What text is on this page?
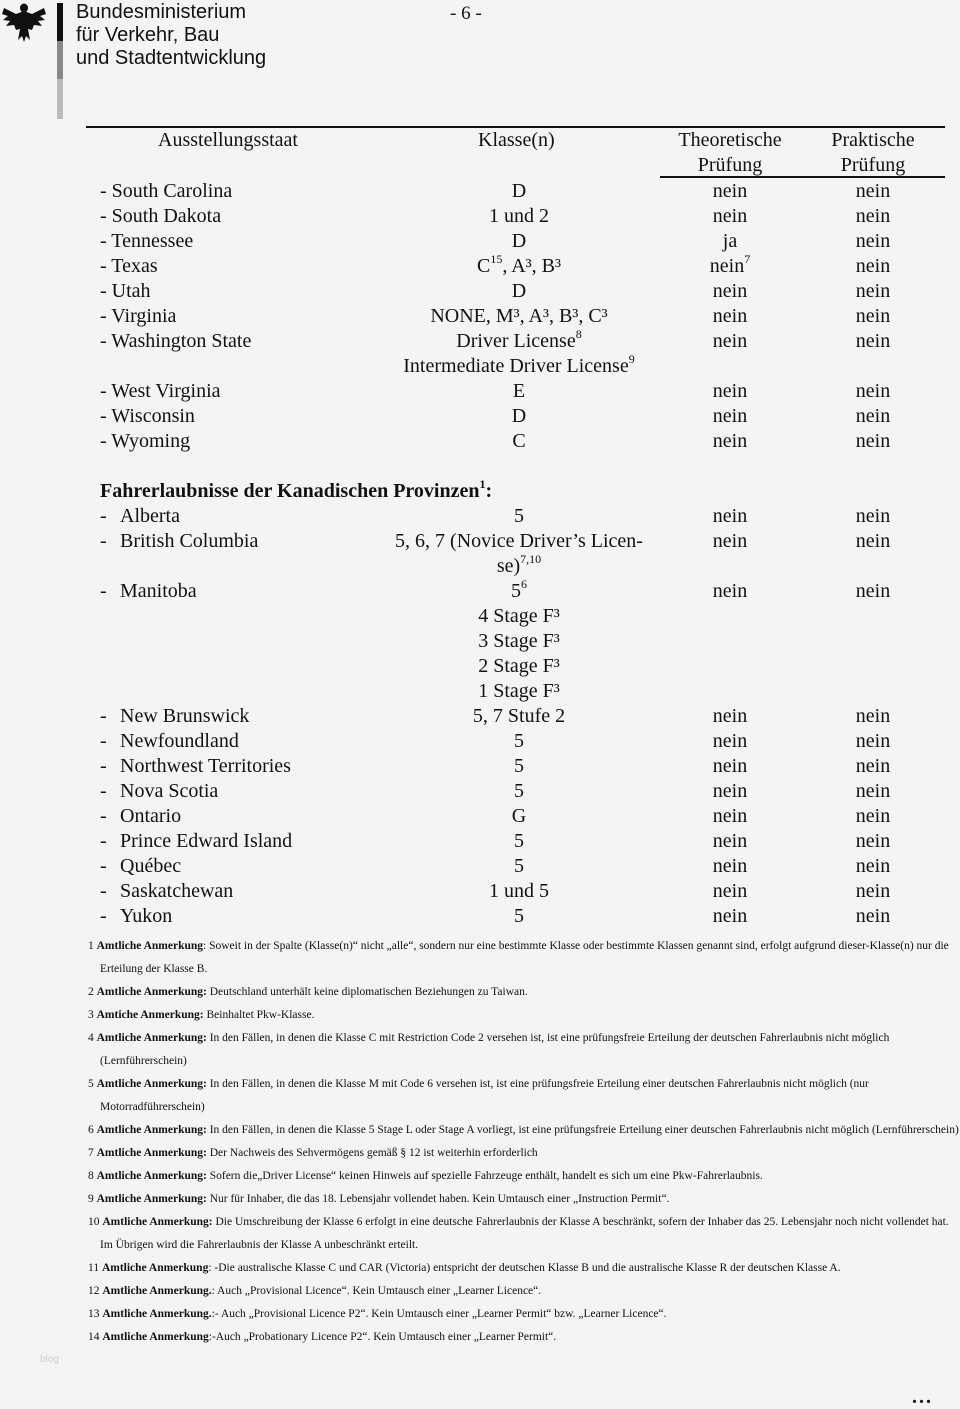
Bundesministerium
für Verkehr, Bau
und Stadtentwicklung
- 6 -
Ausstellungsstaat	Klasse(n)	Theoretische
Prüfung
Praktische
Prüfung
- South Carolina	D	nein	nein
- South Dakota	1 und 2	nein	nein
- Tennessee	D	ja	nein
- Texas	$C^{15}$, A³, B³	nein$^7$	nein
- Utah	D	nein	nein
- Virginia	NONE, M³, A³, B³, C³	nein	nein
- Washington State	Driver License$^8$	nein	nein
Intermediate Driver License$^9$
- West Virginia	E	nein	nein
- Wisconsin	D	nein	nein
- Wyoming	C	nein	nein
Fahrerlaubnisse der Kanadischen Provinzen$^1$:
- Alberta	5	nein	nein
- British Columbia	5, 6, 7 (Novice Driver’s Licen-	nein	nein
se)$^{7,10}$
- Manitoba	$5^6$	nein	nein
4 Stage F³
3 Stage F³
2 Stage F³
1 Stage F³
- New Brunswick	5, 7 Stufe 2	nein	nein
- Newfoundland	5	nein	nein
- Northwest Territories	5	nein	nein
- Nova Scotia	5	nein	nein
- Ontario	G	nein	nein
- Prince Edward Island	5	nein	nein
- Québec	5	nein	nein
- Saskatchewan	1 und 5	nein	nein
- Yukon	5	nein	nein
1 Amtliche Anmerkung: Soweit in der Spalte (Klasse(n)“ nicht „alle“, sondern nur eine bestimmte Klasse oder bestimmte Klassen genannt sind, erfolgt aufgrund dieser-Klasse(n) nur die Erteilung der Klasse B.
2 Amtliche Anmerkung: Deutschland unterhält keine diplomatischen Beziehungen zu Taiwan.
3 Amtiche Anmerkung: Beinhaltet Pkw-Klasse.
4 Amtliche Anmerkung: In den Fällen, in denen die Klasse C mit Restriction Code 2 versehen ist, ist eine prüfungsfreie Erteilung der deutschen Fahrerlaubnis nicht möglich (Lernführerschein)
5 Amtliche Anmerkung: In den Fällen, in denen die Klasse M mit Code 6 versehen ist, ist eine prüfungsfreie Erteilung einer deutschen Fahrerlaubnis nicht möglich (nur Motorradführerschein)
6 Amtliche Anmerkung: In den Fällen, in denen die Klasse 5 Stage L oder Stage A vorliegt, ist eine prüfungsfreie Erteilung einer deutschen Fahrerlaubnis nicht möglich (Lernführerschein)
7 Amtliche Anmerkung: Der Nachweis des Sehvermögens gemäß § 12 ist weiterhin erforderlich
8 Amtliche Anmerkung: Sofern die„Driver License“ keinen Hinweis auf spezielle Fahrzeuge enthält, handelt es sich um eine Pkw-Fahrerlaubnis.
9 Amtliche Anmerkung: Nur für Inhaber, die das 18. Lebensjahr vollendet haben. Kein Umtausch einer „Instruction Permit“.
10 Amtliche Anmerkung: Die Umschreibung der Klasse 6 erfolgt in eine deutsche Fahrerlaubnis der Klasse A beschränkt, sofern der Inhaber das 25. Lebensjahr noch nicht vollendet hat. Im Übrigen wird die Fahrerlaubnis der Klasse A unbeschränkt erteilt.
11 Amtliche Anmerkung: -Die australische Klasse C und CAR (Victoria) entspricht der deutschen Klasse B und die australische Klasse R der deutschen Klasse A.
12 Amtliche Anmerkung.: Auch „Provisional Licence“. Kein Umtausch einer „Learner Licence“.
13 Amtliche Anmerkung.:- Auch „Provisional Licence P2“. Kein Umtausch einer „Learner Permit“ bzw. „Learner Licence“.
14 Amtliche Anmerkung:-Auch „Probationary Licence P2“. Kein Umtausch einer „Learner Permit“.
blog
...
